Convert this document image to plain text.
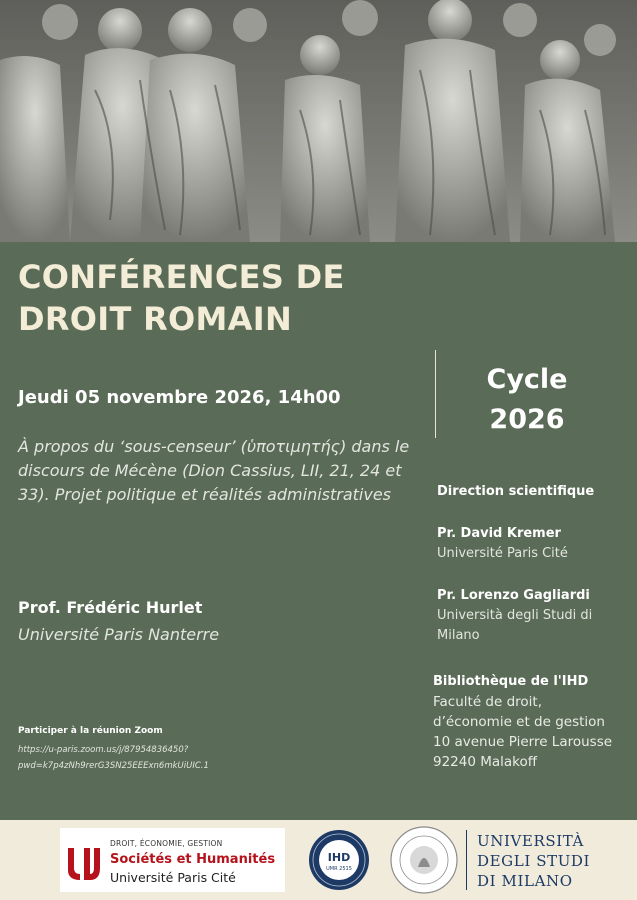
CONFÉRENCES DE
DROIT ROMAIN
Jeudi 05 novembre 2026, 14h00
À propos du ‘sous-censeur’ (ὑποτιμητής) dans le discours de Mécène (Dion Cassius, LII, 21, 24 et 33). Projet politique et réalités administratives
Prof. Frédéric Hurlet
Université Paris Nanterre
Participer à la réunion Zoom
https://u-paris.zoom.us/j/87954836450?pwd=k7p4zNh9rerG3SN25EEExn6mkUiUIC.1
Cycle
2026
Direction scientifique
Pr. David Kremer
Université Paris Cité
Pr. Lorenzo Gagliardi
Università degli Studi di Milano
Bibliothèque de l'IHD
Faculté de droit,
d’économie et de gestion
10 avenue Pierre Larousse
92240 Malakoff
DROIT, ÉCONOMIE, GESTION
Sociétés et Humanités
Université Paris Cité
IHD
UMR 2515
UNIVERSITÀ
DEGLI STUDI
DI MILANO
